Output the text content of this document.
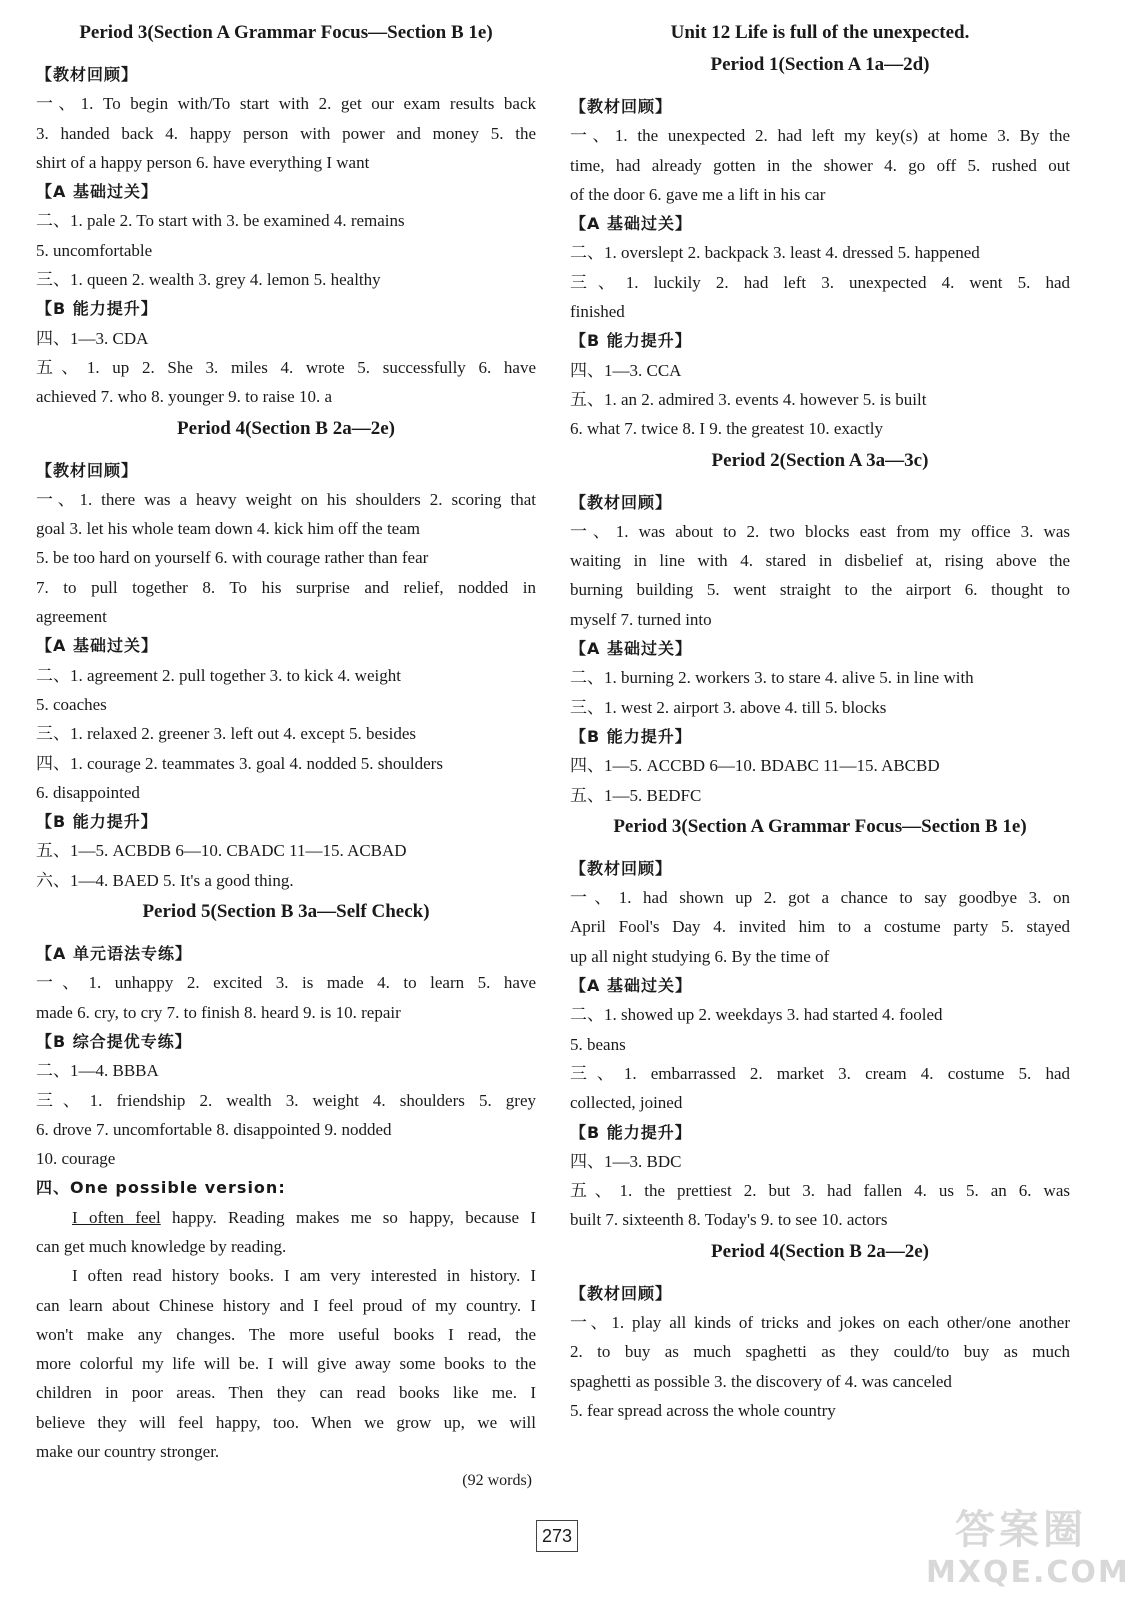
Period 3(Section A Grammar Focus—Section B 1e)
【教材回顾】
一、1. To begin with/To start with 2. get our exam results back
3. handed back 4. happy person with power and money 5. the
shirt of a happy person 6. have everything I want
【A 基础过关】
二、1. pale 2. To start with 3. be examined 4. remains
5. uncomfortable
三、1. queen 2. wealth 3. grey 4. lemon 5. healthy
【B 能力提升】
四、1—3. CDA
五、1. up 2. She 3. miles 4. wrote 5. successfully 6. have
achieved 7. who 8. younger 9. to raise 10. a
Period 4(Section B 2a—2e)
【教材回顾】
一、1. there was a heavy weight on his shoulders 2. scoring that
goal 3. let his whole team down 4. kick him off the team
5. be too hard on yourself 6. with courage rather than fear
7. to pull together 8. To his surprise and relief, nodded in
agreement
【A 基础过关】
二、1. agreement 2. pull together 3. to kick 4. weight
5. coaches
三、1. relaxed 2. greener 3. left out 4. except 5. besides
四、1. courage 2. teammates 3. goal 4. nodded 5. shoulders
6. disappointed
【B 能力提升】
五、1—5. ACBDB 6—10. CBADC 11—15. ACBAD
六、1—4. BAED 5. It's a good thing.
Period 5(Section B 3a—Self Check)
【A 单元语法专练】
一、1. unhappy 2. excited 3. is made 4. to learn 5. have
made 6. cry, to cry 7. to finish 8. heard 9. is 10. repair
【B 综合提优专练】
二、1—4. BBBA
三、1. friendship 2. wealth 3. weight 4. shoulders 5. grey
6. drove 7. uncomfortable 8. disappointed 9. nodded
10. courage
四、One possible version:
I often feel happy. Reading makes me so happy, because I
can get much knowledge by reading.
I often read history books. I am very interested in history. I
can learn about Chinese history and I feel proud of my country. I
won't make any changes. The more useful books I read, the
more colorful my life will be. I will give away some books to the
children in poor areas. Then they can read books like me. I
believe they will feel happy, too. When we grow up, we will
make our country stronger.
(92 words)
Unit 12 Life is full of the unexpected.
Period 1(Section A 1a—2d)
【教材回顾】
一、1. the unexpected 2. had left my key(s) at home 3. By the
time, had already gotten in the shower 4. go off 5. rushed out
of the door 6. gave me a lift in his car
【A 基础过关】
二、1. overslept 2. backpack 3. least 4. dressed 5. happened
三、1. luckily 2. had left 3. unexpected 4. went 5. had
finished
【B 能力提升】
四、1—3. CCA
五、1. an 2. admired 3. events 4. however 5. is built
6. what 7. twice 8. I 9. the greatest 10. exactly
Period 2(Section A 3a—3c)
【教材回顾】
一、1. was about to 2. two blocks east from my office 3. was
waiting in line with 4. stared in disbelief at, rising above the
burning building 5. went straight to the airport 6. thought to
myself 7. turned into
【A 基础过关】
二、1. burning 2. workers 3. to stare 4. alive 5. in line with
三、1. west 2. airport 3. above 4. till 5. blocks
【B 能力提升】
四、1—5. ACCBD 6—10. BDABC 11—15. ABCBD
五、1—5. BEDFC
Period 3(Section A Grammar Focus—Section B 1e)
【教材回顾】
一、1. had shown up 2. got a chance to say goodbye 3. on
April Fool's Day 4. invited him to a costume party 5. stayed
up all night studying 6. By the time of
【A 基础过关】
二、1. showed up 2. weekdays 3. had started 4. fooled
5. beans
三、1. embarrassed 2. market 3. cream 4. costume 5. had
collected, joined
【B 能力提升】
四、1—3. BDC
五、1. the prettiest 2. but 3. had fallen 4. us 5. an 6. was
built 7. sixteenth 8. Today's 9. to see 10. actors
Period 4(Section B 2a—2e)
【教材回顾】
一、1. play all kinds of tricks and jokes on each other/one another
2. to buy as much spaghetti as they could/to buy as much
spaghetti as possible 3. the discovery of 4. was canceled
5. fear spread across the whole country
273	答案圈
MXQE.COM
